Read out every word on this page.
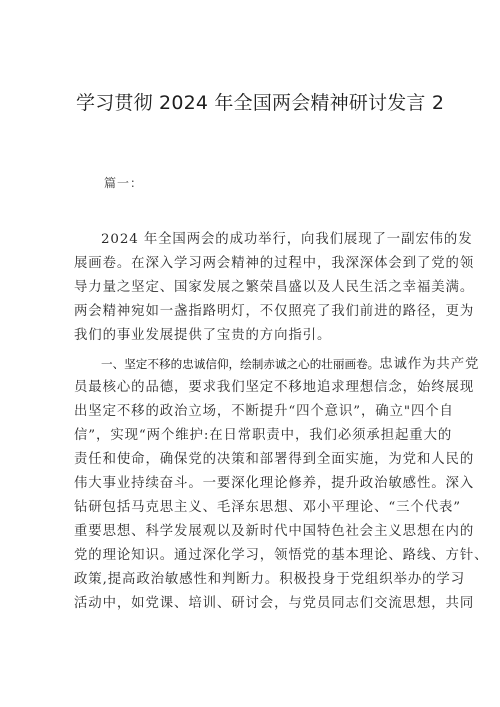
学习贯彻 2024 年全国两会精神研讨发言 2
篇一：
2024 年全国两会的成功举行，向我们展现了一副宏伟的发
展画卷。在深入学习两会精神的过程中，我深深体会到了党的领
导力量之坚定、国家发展之繁荣昌盛以及人民生活之幸福美满。
两会精神宛如一盏指路明灯，不仅照亮了我们前进的路径，更为
我们的事业发展提供了宝贵的方向指引。
一、坚定不移的忠诚信仰，绘制赤诚之心的壮丽画卷。忠诚作为共产党
员最核心的品德，要求我们坚定不移地追求理想信念，始终展现
出坚定不移的政治立场，不断提升“四个意识”，确立"四个自
信”，实现“两个维护:在日常职责中，我们必须承担起重大的
责任和使命，确保党的决策和部署得到全面实施，为党和人民的
伟大事业持续奋斗。一要深化理论修养，提升政治敏感性。深入
钻研包括马克思主义、毛泽东思想、邓小平理论、“三个代表”
重要思想、科学发展观以及新时代中国特色社会主义思想在内的
党的理论知识。通过深化学习，领悟党的基本理论、路线、方针、
政策,提高政治敏感性和判断力。积极投身于党组织举办的学习
活动中，如党课、培训、研讨会，与党员同志们交流思想，共同
